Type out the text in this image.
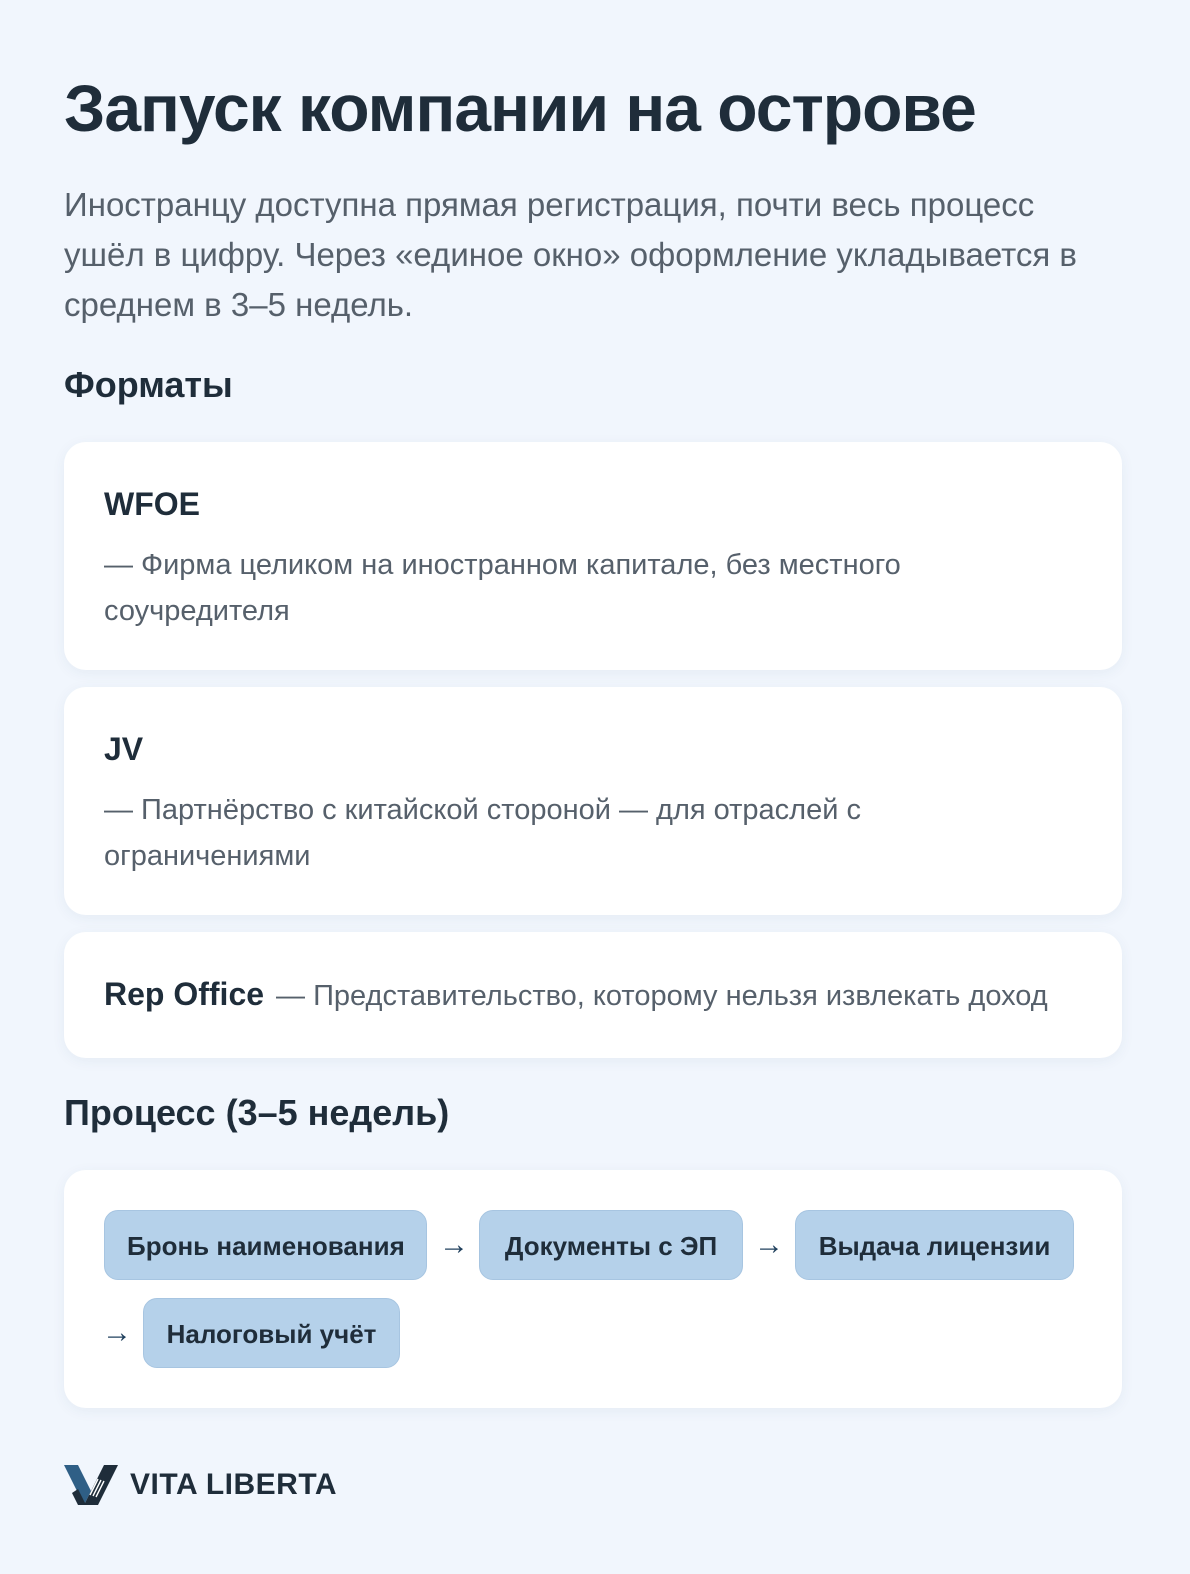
Запуск компании на острове

Иностранцу доступна прямая регистрация, почти весь процесс ушёл в цифру. Через «единое окно» оформление укладывается в среднем в 3–5 недель.

Форматы
WFOE
— Фирма целиком на иностранном капитале, без местного соучредителя
JV
— Партнёрство с китайской стороной — для отраслей с ограничениями
Rep Office — Представительство, которому нельзя извлекать доход
Процесс (3–5 недель)
Бронь наименования	→	Документы с ЭП	→	Выдача лицензии
→	Налоговый учёт
VITA LIBERTA
